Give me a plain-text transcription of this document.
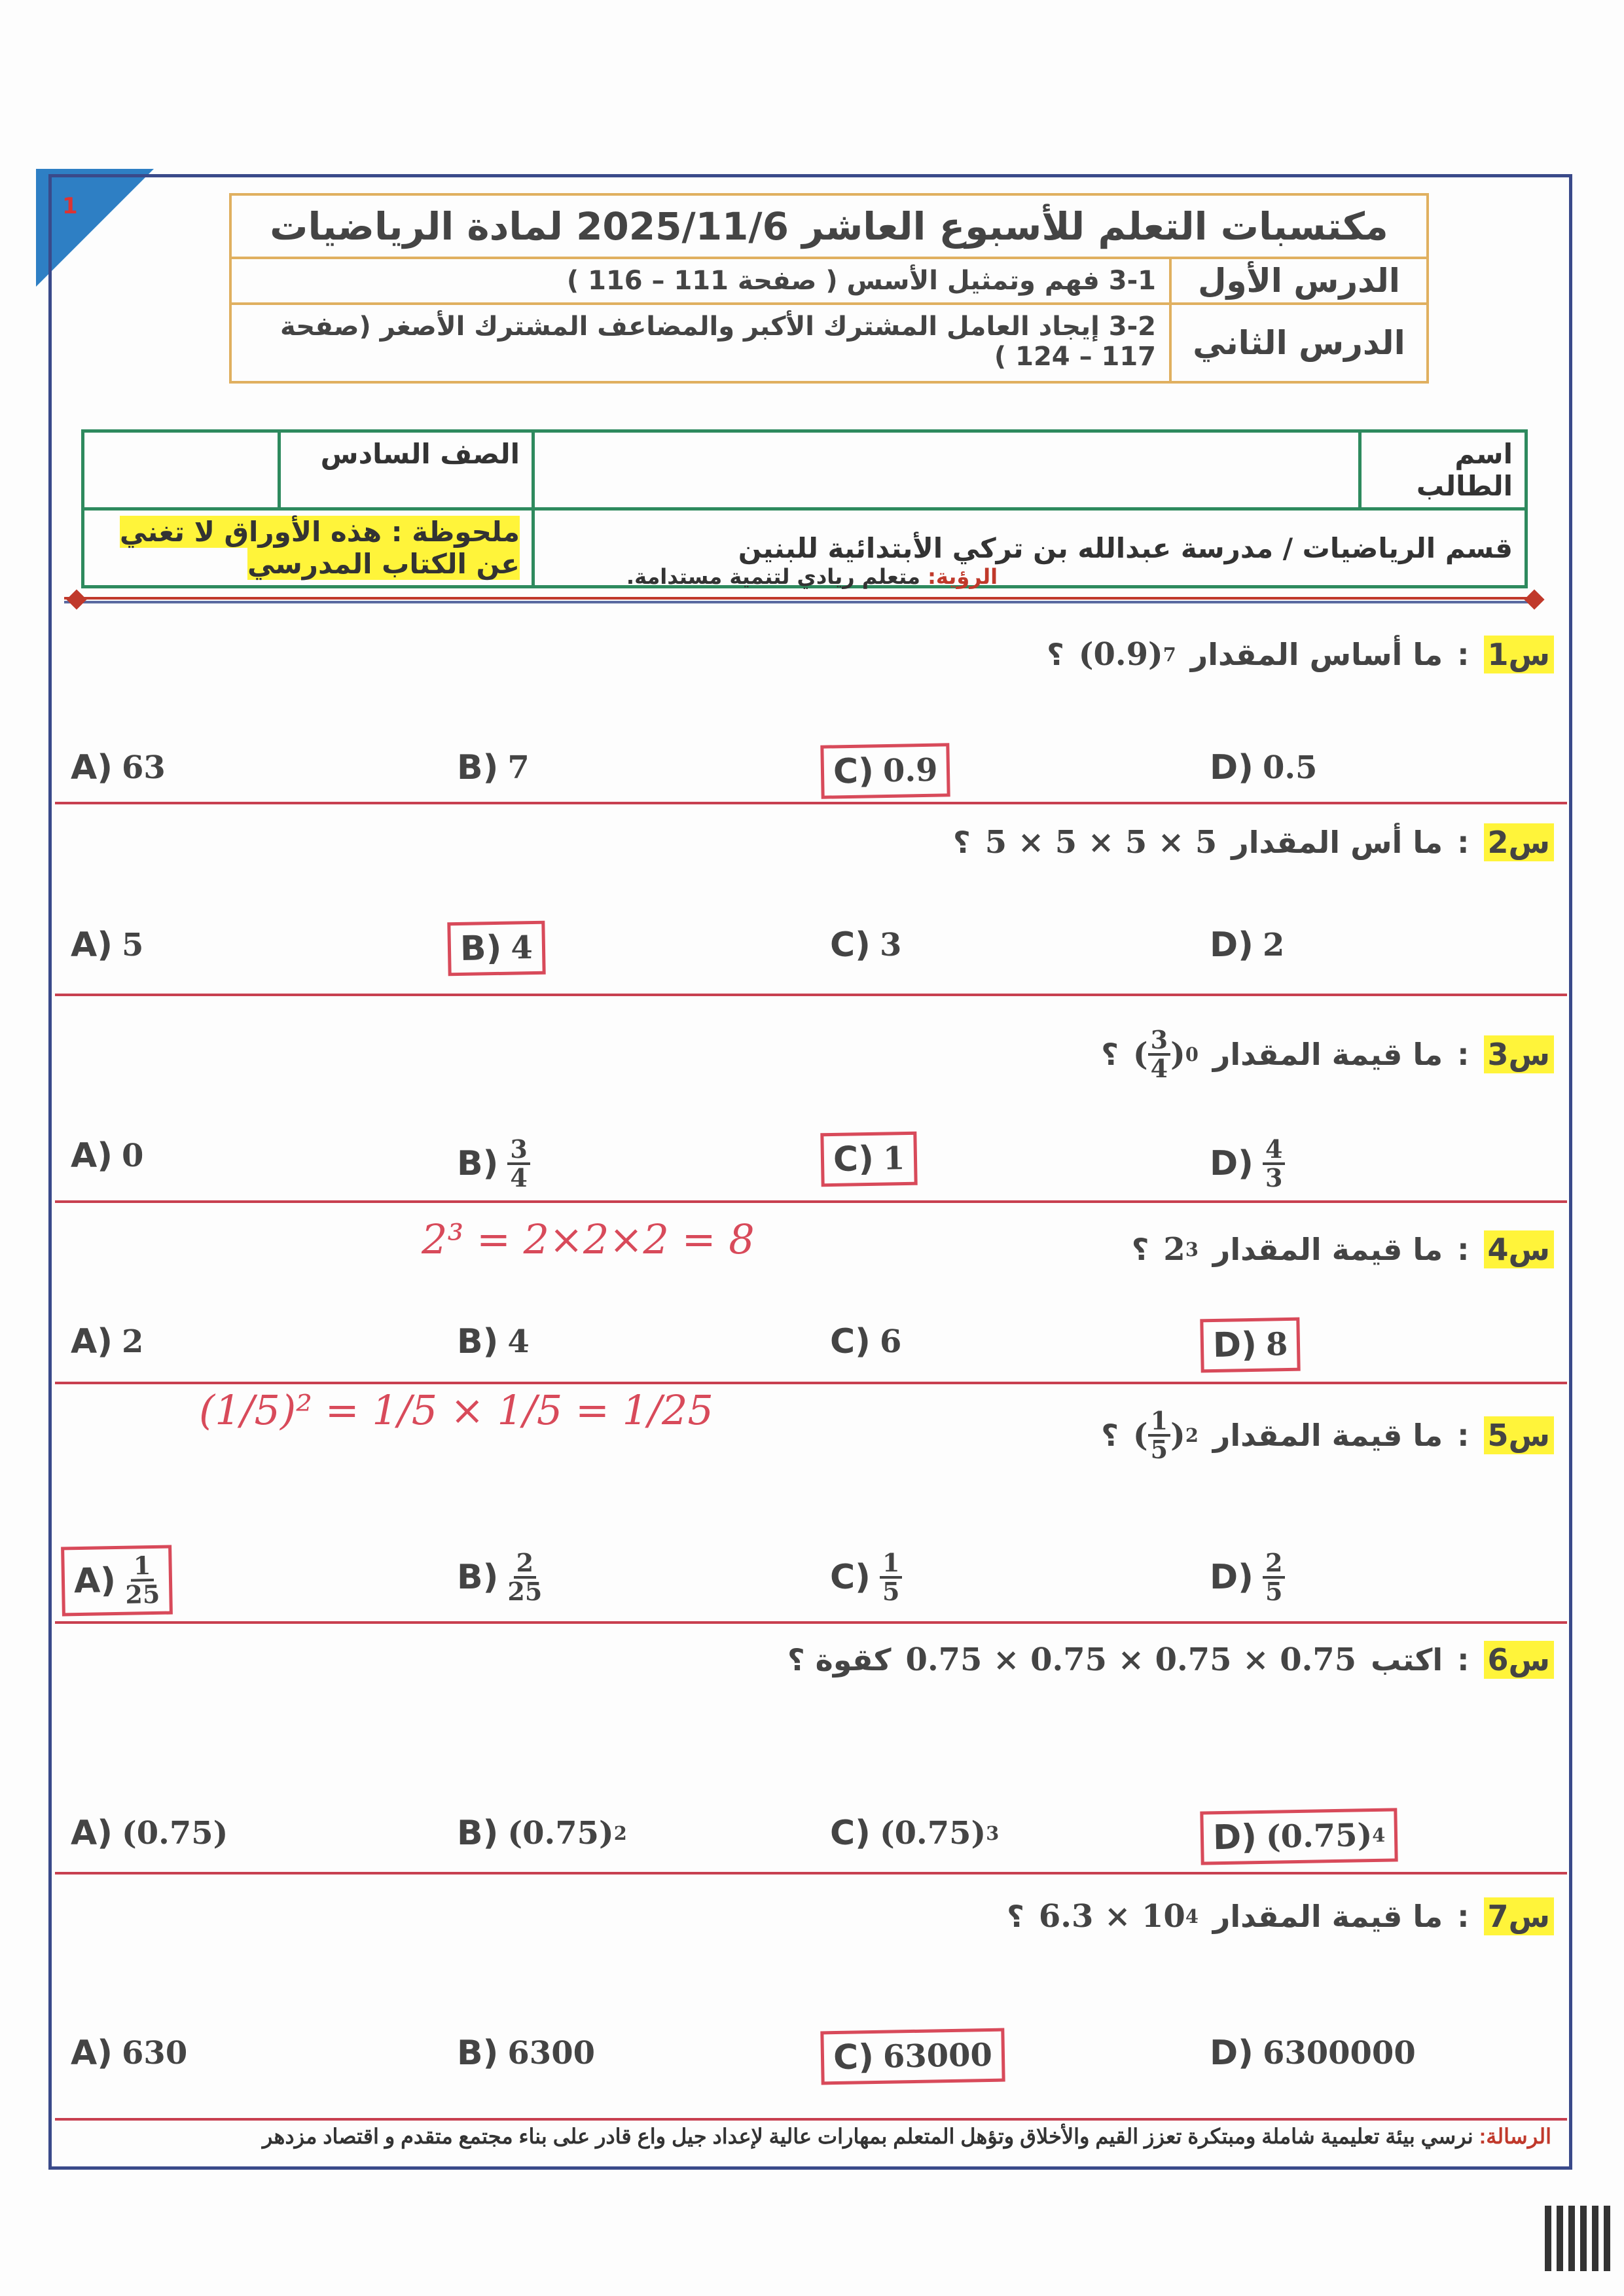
1	مكتسبات التعلم للأسبوع العاشر 2025/11/6 لمادة الرياضيات	
الدرس الأول	3-1 فهم وتمثيل الأسس ( صفحة 111 – 116 )
الدرس الثاني	3-2 إيجاد العامل المشترك الأكبر والمضاعف المشترك الأصغر (صفحة 117 – 124 )
اسم الطالب		الصف السادس	
قسم الرياضيات / مدرسة عبدالله بن تركي الأبتدائية للبنين		ملحوظة : هذه الأوراق لا تغني عن الكتاب المدرسي		الرؤية: متعلم ريادي لتنمية مستدامة.
س1
:
ما أساس المقدار
(0.9) 7
؟
A) 63	B) 7	C) 0.9	D) 0.5
س2
:
ما أس المقدار
5 × 5 × 5 × 5
؟
A) 5	B) 4	C) 3	D) 2
س3
:
ما قيمة المقدار
( $\frac{3}{4}$ ) 0
؟
A) 0	$B) \frac{3}{4}$	C) 1	$D) \frac{4}{3}$
س4
:
ما قيمة المقدار
2 3
؟
A) 2	B) 4	C) 6	D) 8
2³ = 2×2×2 = 8
س5
:
ما قيمة المقدار
( $\frac{1}{5}$ ) 2
؟
$A) \frac{1}{25}$	$B) \frac{2}{25}$	$C) \frac{1}{5}$	$D) \frac{2}{5}$
(1/5)² = 1/5 × 1/5 = 1/25
س6
:
اكتب
0.75 × 0.75 × 0.75 × 0.75
كقوة ؟
A) (0.75)	B) (0.75) 2	C) (0.75) 3	D) (0.75) 4
س7
:
ما قيمة المقدار
6.3 × 10 4
؟
A) 630	B) 6300	C) 63000	D) 6300000
الرسالة: نرسي بيئة تعليمية شاملة ومبتكرة تعزز القيم والأخلاق وتؤهل المتعلم بمهارات عالية لإعداد جيل واع قادر على بناء مجتمع متقدم و اقتصاد مزدهر
